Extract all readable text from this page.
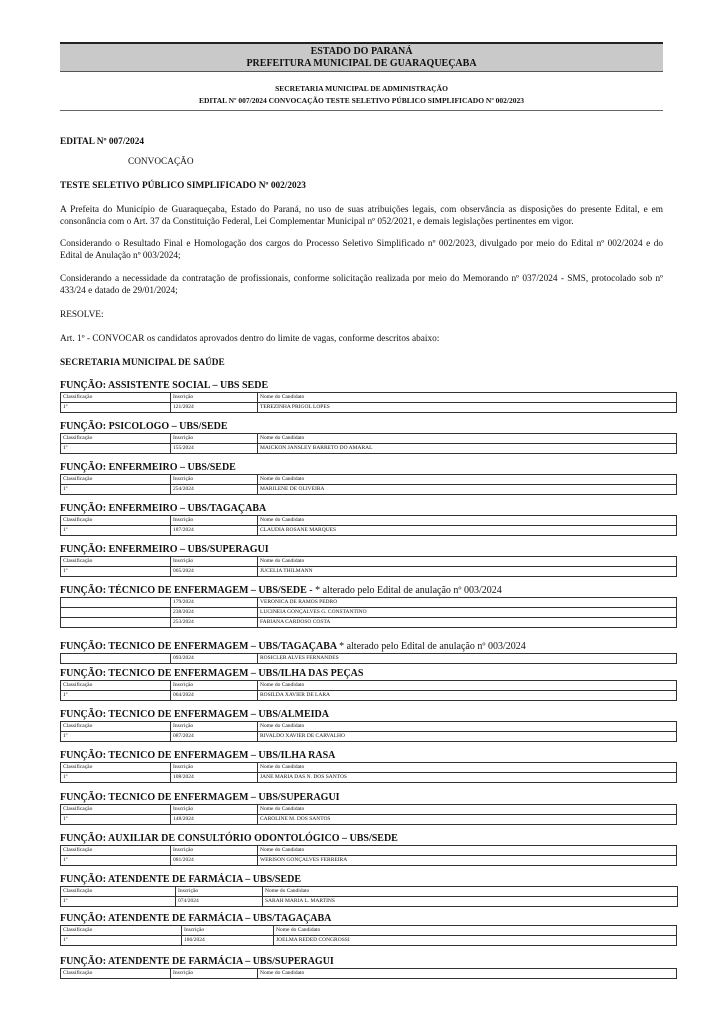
ESTADO DO PARANÁ
PREFEITURA MUNICIPAL DE GUARAQUEÇABA
SECRETARIA MUNICIPAL DE ADMINISTRAÇÃO
EDITAL Nº 007/2024 CONVOCAÇÃO TESTE SELETIVO PÚBLICO SIMPLIFICADO Nº 002/2023
EDITAL Nº 007/2024
CONVOCAÇÃO
TESTE SELETIVO PÚBLICO SIMPLIFICADO Nº 002/2023
A Prefeita do Município de Guaraqueçaba, Estado do Paraná, no uso de suas atribuições legais, com observância as disposições do presente Edital, e em consonância com o Art. 37 da Constituição Federal, Lei Complementar Municipal nº 052/2021, e demais legislações pertinentes em vigor.
Considerando o Resultado Final e Homologação dos cargos do Processo Seletivo Simplificado nº 002/2023, divulgado por meio do Edital nº 002/2024 e do Edital de Anulação nº 003/2024;
Considerando a necessidade da contratação de profissionais, conforme solicitação realizada por meio do Memorando nº 037/2024 - SMS, protocolado sob nº 433/24 e datado de 29/01/2024;
RESOLVE:
Art. 1º - CONVOCAR os candidatos aprovados dentro do limite de vagas, conforme descritos abaixo:
SECRETARIA MUNICIPAL DE SAÚDE
FUNÇÃO: ASSISTENTE SOCIAL – UBS SEDE
Classificação	Inscrição	Nome do Candidato
1º	121/2024	TEREZINHA PRIGOL LOPES
FUNÇÃO: PSICOLOGO – UBS/SEDE
Classificação	Inscrição	Nome do Candidato
1º	155/2024	MAICKON JANSLEY BARRETO DO AMARAL
FUNÇÃO: ENFERMEIRO – UBS/SEDE
Classificação	Inscrição	Nome do Candidato
1º	254/2024	MARILENE DE OLIVEIRA
FUNÇÃO: ENFERMEIRO – UBS/TAGAÇABA
Classificação	Inscrição	Nome do Candidato
1º	187/2024	CLAUDIA ROSANE MARQUES
FUNÇÃO: ENFERMEIRO – UBS/SUPERAGUI
Classificação	Inscrição	Nome do Candidato
1º	065/2024	JUCELIA THILMANN
FUNÇÃO: TÉCNICO DE ENFERMAGEM – UBS/SEDE - * alterado pelo Edital de anulação nº 003/2024
	179/2024	VERONICA DE RAMOS PEDRO
	238/2024	LUCINEIA GONÇALVES G. CONSTANTINO
	253/2024	FABIANA CARDOSO COSTA
FUNÇÃO: TECNICO DE ENFERMAGEM – UBS/TAGAÇABA * alterado pelo Edital de anulação nº 003/2024
	093/2024	ROSICLER ALVES FERNANDES
FUNÇÃO: TECNICO DE ENFERMAGEM – UBS/ILHA DAS PEÇAS
Classificação	Inscrição	Nome do Candidato
1º	064/2024	ROSILDA XAVIER DE LARA
FUNÇÃO: TECNICO DE ENFERMAGEM – UBS/ALMEIDA
Classificação	Inscrição	Nome do Candidato
1º	087/2024	RIVALDO XAVIER DE CARVALHO
FUNÇÃO: TECNICO DE ENFERMAGEM – UBS/ILHA RASA
Classificação	Inscrição	Nome do Candidato
1º	108/2024	JANE MARIA DAS N. DOS SANTOS
FUNÇÃO: TECNICO DE ENFERMAGEM – UBS/SUPERAGUI
Classificação	Inscrição	Nome do Candidato
1º	148/2024	CAROLINE M. DOS SANTOS
FUNÇÃO: AUXILIAR DE CONSULTÓRIO ODONTOLÓGICO – UBS/SEDE
Classificação	Inscrição	Nome do Candidato
1º	081/2024	WERISON GONÇALVES FERREIRA
FUNÇÃO: ATENDENTE DE FARMÁCIA – UBS/SEDE
Classificação	Inscrição	Nome do Candidato
1º	074/2024	SARAH MARIA L. MARTINS
FUNÇÃO: ATENDENTE DE FARMÁCIA – UBS/TAGAÇABA
Classificação	Inscrição	Nome do Candidato
1º	186/2024	JOELMA REDED CONGROSSI
FUNÇÃO: ATENDENTE DE FARMÁCIA – UBS/SUPERAGUI
Classificação	Inscrição	Nome do Candidato
